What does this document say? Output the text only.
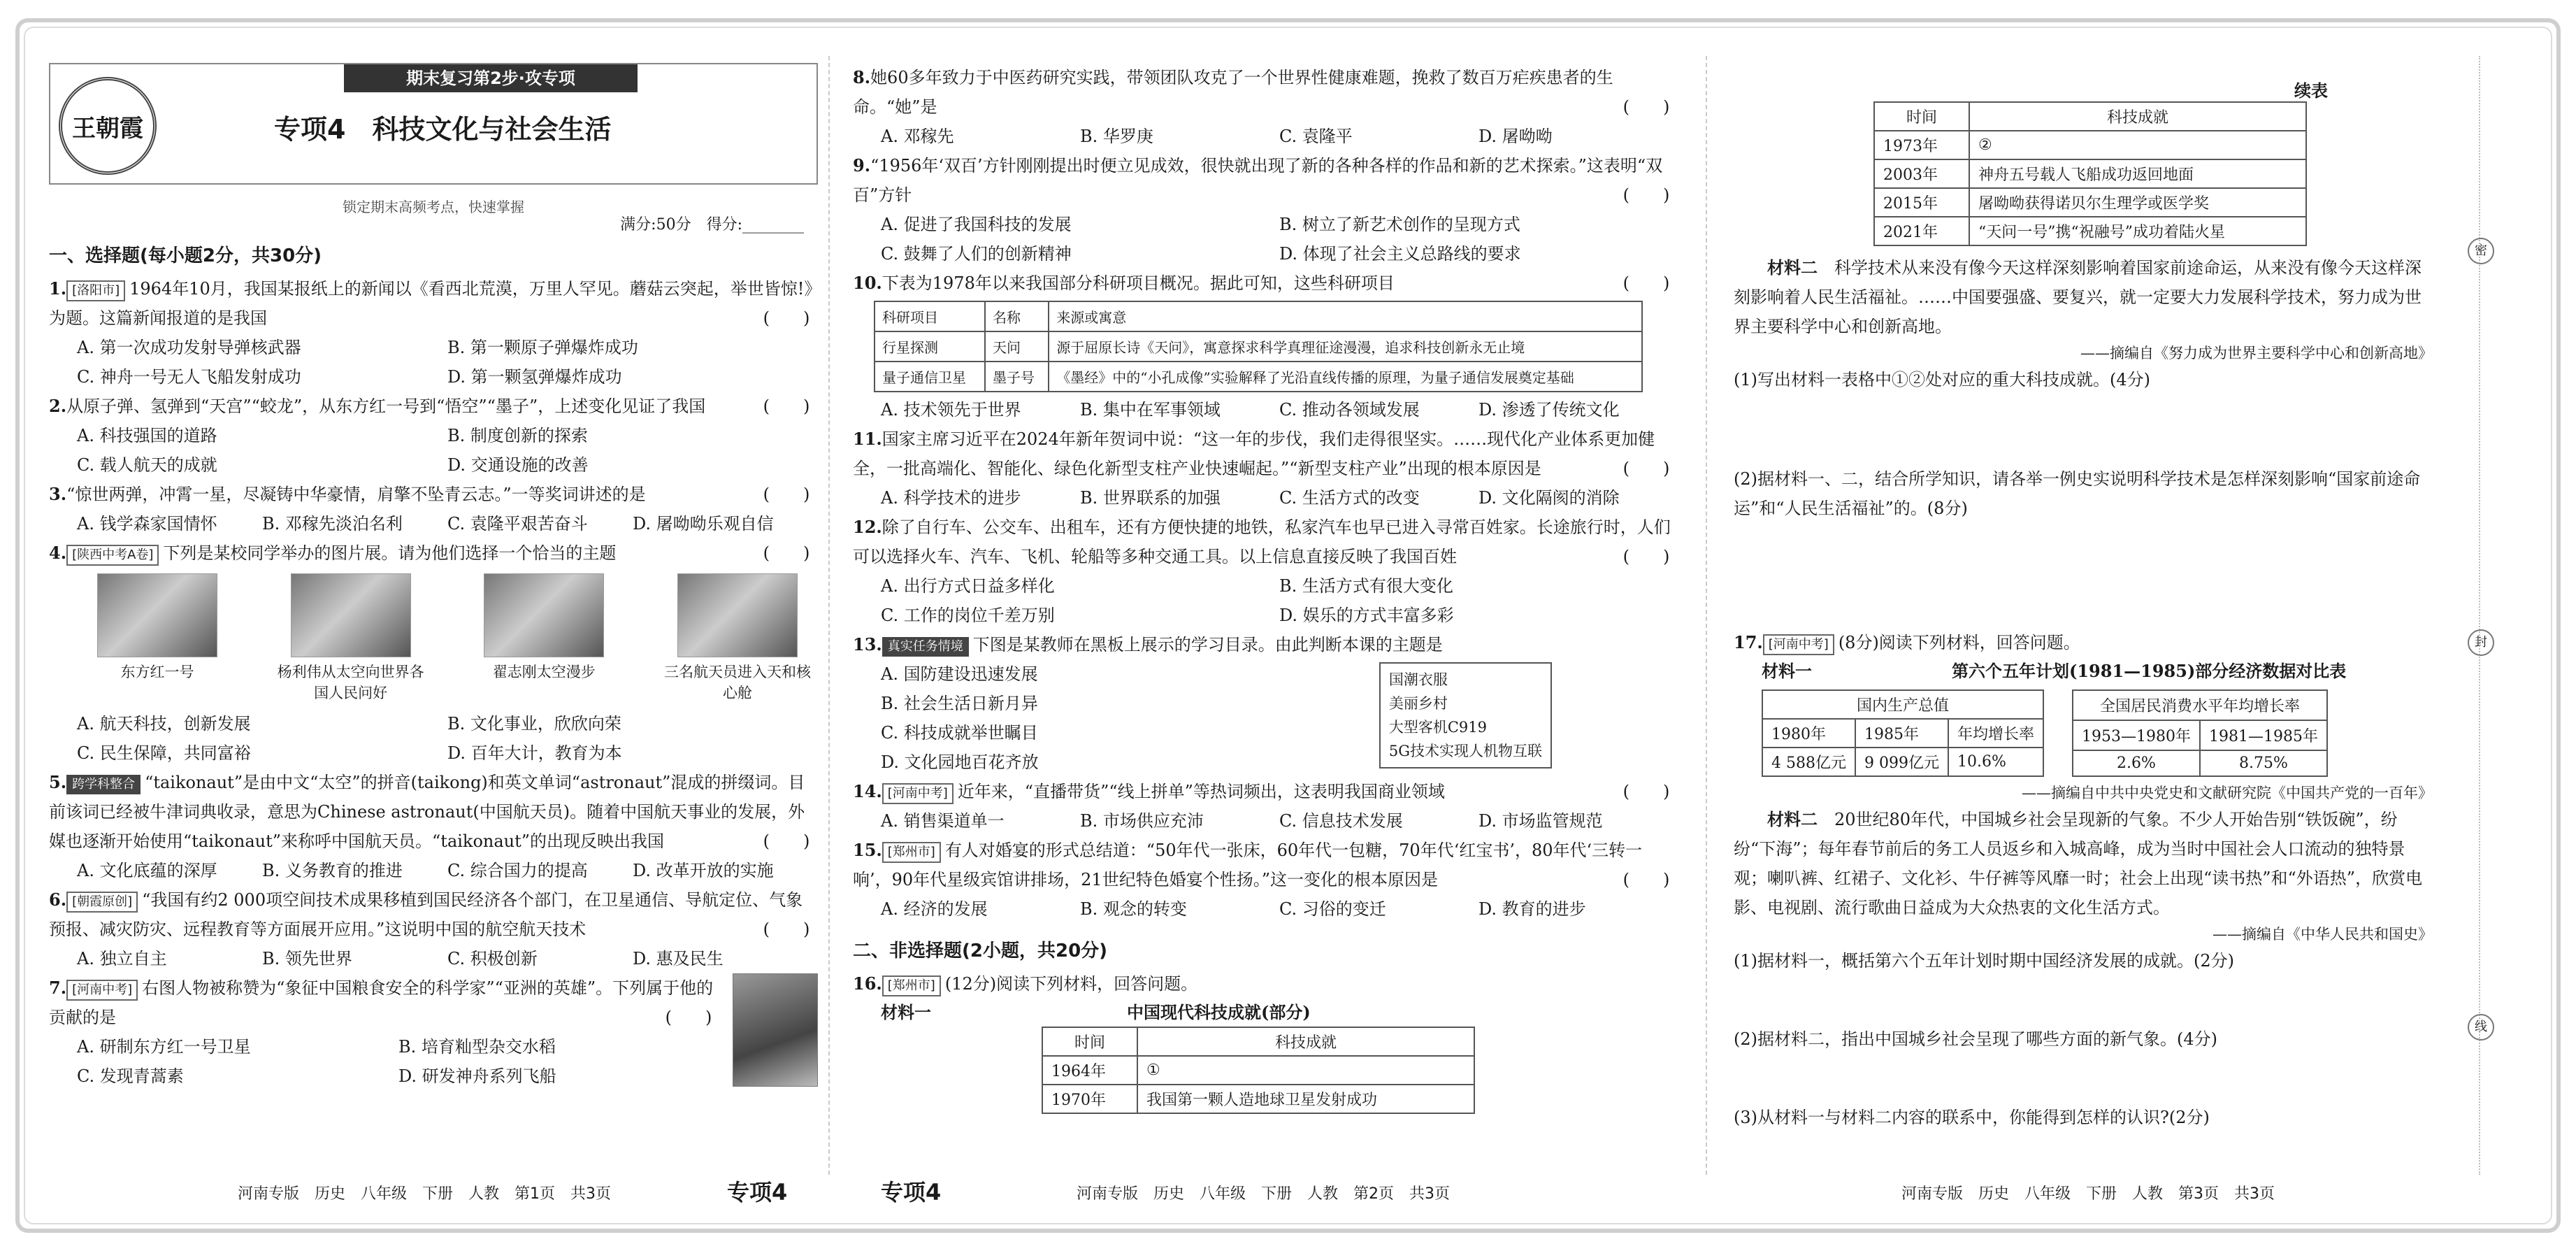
密
封
线
王朝霞
期末复习第2步·攻专项
专项4　科技文化与社会生活
锁定期末高频考点，快速掌握
满分:50分　得分:________
一、选择题(每小题2分，共30分)
1. [洛阳市] 1964年10月，我国某报纸上的新闻以《看西北荒漠，万里人罕见。蘑菇云突起，举世皆惊!》为题。这篇新闻报道的是我国	(　　)
A. 第一次成功发射导弹核武器	B. 第一颗原子弹爆炸成功
C. 神舟一号无人飞船发射成功	D. 第一颗氢弹爆炸成功
2.从原子弹、氢弹到“天宫”“蛟龙”，从东方红一号到“悟空”“墨子”，上述变化见证了我国	(　　)
A. 科技强国的道路	B. 制度创新的探索
C. 载人航天的成就	D. 交通设施的改善
3.“惊世两弹，冲霄一星，尽凝铸中华豪情，肩擎不坠青云志。”一等奖词讲述的是	(　　)
A. 钱学森家国情怀	B. 邓稼先淡泊名利	C. 袁隆平艰苦奋斗	D. 屠呦呦乐观自信
4. [陕西中考A卷] 下列是某校同学举办的图片展。请为他们选择一个恰当的主题	(　　)
东方红一号	杨利伟从太空向世界各国人民问好
翟志刚太空漫步	三名航天员进入天和核心舱
A. 航天科技，创新发展	B. 文化事业，欣欣向荣
C. 民生保障，共同富裕	D. 百年大计，教育为本
5. 跨学科整合 “taikonaut”是由中文“太空”的拼音(taikong)和英文单词“astronaut”混成的拼缀词。目前该词已经被牛津词典收录，意思为Chinese astronaut(中国航天员)。随着中国航天事业的发展，外媒也逐渐开始使用“taikonaut”来称呼中国航天员。“taikonaut”的出现反映出我国	(　　)
A. 文化底蕴的深厚	B. 义务教育的推进	C. 综合国力的提高	D. 改革开放的实施
6. [朝霞原创] “我国有约2 000项空间技术成果移植到国民经济各个部门，在卫星通信、导航定位、气象预报、减灾防灾、远程教育等方面展开应用。”这说明中国的航空航天技术	(　　)
A. 独立自主	B. 领先世界	C. 积极创新	D. 惠及民生
7. [河南中考] 右图人物被称赞为“象征中国粮食安全的科学家”“亚洲的英雄”。下列属于他的贡献的是	(　　)
A. 研制东方红一号卫星	B. 培育籼型杂交水稻
C. 发现青蒿素	D. 研发神舟系列飞船
8.她60多年致力于中医药研究实践，带领团队攻克了一个世界性健康难题，挽救了数百万疟疾患者的生命。“她”是	(　　)
A. 邓稼先	B. 华罗庚	C. 袁隆平	D. 屠呦呦
9.“1956年‘双百’方针刚刚提出时便立见成效，很快就出现了新的各种各样的作品和新的艺术探索。”这表明“双百”方针	(　　)
A. 促进了我国科技的发展	B. 树立了新艺术创作的呈现方式
C. 鼓舞了人们的创新精神	D. 体现了社会主义总路线的要求
10.下表为1978年以来我国部分科研项目概况。据此可知，这些科研项目	(　　)
科研项目	名称	来源或寓意
行星探测	天问	源于屈原长诗《天问》，寓意探求科学真理征途漫漫，追求科技创新永无止境
量子通信卫星	墨子号	《墨经》中的“小孔成像”实验解释了光沿直线传播的原理，为量子通信发展奠定基础
A. 技术领先于世界	B. 集中在军事领域	C. 推动各领域发展	D. 渗透了传统文化
11.国家主席习近平在2024年新年贺词中说：“这一年的步伐，我们走得很坚实。……现代化产业体系更加健全，一批高端化、智能化、绿色化新型支柱产业快速崛起。”“新型支柱产业”出现的根本原因是	(　　)
A. 科学技术的进步	B. 世界联系的加强	C. 生活方式的改变	D. 文化隔阂的消除
12.除了自行车、公交车、出租车，还有方便快捷的地铁，私家汽车也早已进入寻常百姓家。长途旅行时，人们可以选择火车、汽车、飞机、轮船等多种交通工具。以上信息直接反映了我国百姓	(　　)
A. 出行方式日益多样化	B. 生活方式有很大变化
C. 工作的岗位千差万别	D. 娱乐的方式丰富多彩
13. 真实任务情境 下图是某教师在黑板上展示的学习目录。由此判断本课的主题是
国潮衣服
美丽乡村
大型客机C919
5G技术实现人机物互联
A. 国防建设迅速发展
B. 社会生活日新月异
C. 科技成就举世瞩目
D. 文化园地百花齐放
14. [河南中考] 近年来，“直播带货”“线上拼单”等热词频出，这表明我国商业领域	(　　)
A. 销售渠道单一	B. 市场供应充沛	C. 信息技术发展	D. 市场监管规范
15. [郑州市] 有人对婚宴的形式总结道：“50年代一张床，60年代一包糖，70年代‘红宝书’，80年代‘三转一响’，90年代星级宾馆讲排场，21世纪特色婚宴个性扬。”这一变化的根本原因是	(　　)
A. 经济的发展	B. 观念的转变	C. 习俗的变迁	D. 教育的进步
二、非选择题(2小题，共20分)
16. [郑州市] (12分)阅读下列材料，回答问题。
材料一	中国现代科技成就(部分)
时间	科技成就
1964年	①
1970年	我国第一颗人造地球卫星发射成功
续表
时间	科技成就
1973年	②
2003年	神舟五号载人飞船成功返回地面
2015年	屠呦呦获得诺贝尔生理学或医学奖
2021年	“天问一号”携“祝融号”成功着陆火星
材料二　 科学技术从来没有像今天这样深刻影响着国家前途命运，从来没有像今天这样深刻影响着人民生活福祉。……中国要强盛、要复兴，就一定要大力发展科学技术，努力成为世界主要科学中心和创新高地。
——摘编自《努力成为世界主要科学中心和创新高地》
(1)写出材料一表格中①②处对应的重大科技成就。(4分)
(2)据材料一、二，结合所学知识，请各举一例史实说明科学技术是怎样深刻影响“国家前途命运”和“人民生活福祉”的。(8分)
17. [河南中考] (8分)阅读下列材料，回答问题。
材料一	第六个五年计划(1981—1985)部分经济数据对比表
国内生产总值		
1980年	1985年	年均增长率
4 588亿元	9 099亿元	10.6%
全国居民消费水平年均增长率	
1953—1980年	1981—1985年
2.6%	8.75%
——摘编自中共中央党史和文献研究院《中国共产党的一百年》
材料二　 20世纪80年代，中国城乡社会呈现新的气象。不少人开始告别“铁饭碗”，纷纷“下海”；每年春节前后的务工人员返乡和入城高峰，成为当时中国社会人口流动的独特景观；喇叭裤、红裙子、文化衫、牛仔裤等风靡一时；社会上出现“读书热”和“外语热”，欣赏电影、电视剧、流行歌曲日益成为大众热衷的文化生活方式。
——摘编自《中华人民共和国史》
(1)据材料一，概括第六个五年计划时期中国经济发展的成就。(2分)
(2)据材料二，指出中国城乡社会呈现了哪些方面的新气象。(4分)
(3)从材料一与材料二内容的联系中，你能得到怎样的认识?(2分)
河南专版　历史　八年级　下册　人教　第1页　共3页	专项4	专项4	河南专版　历史　八年级　下册　人教　第2页　共3页	河南专版　历史　八年级　下册　人教　第3页　共3页
